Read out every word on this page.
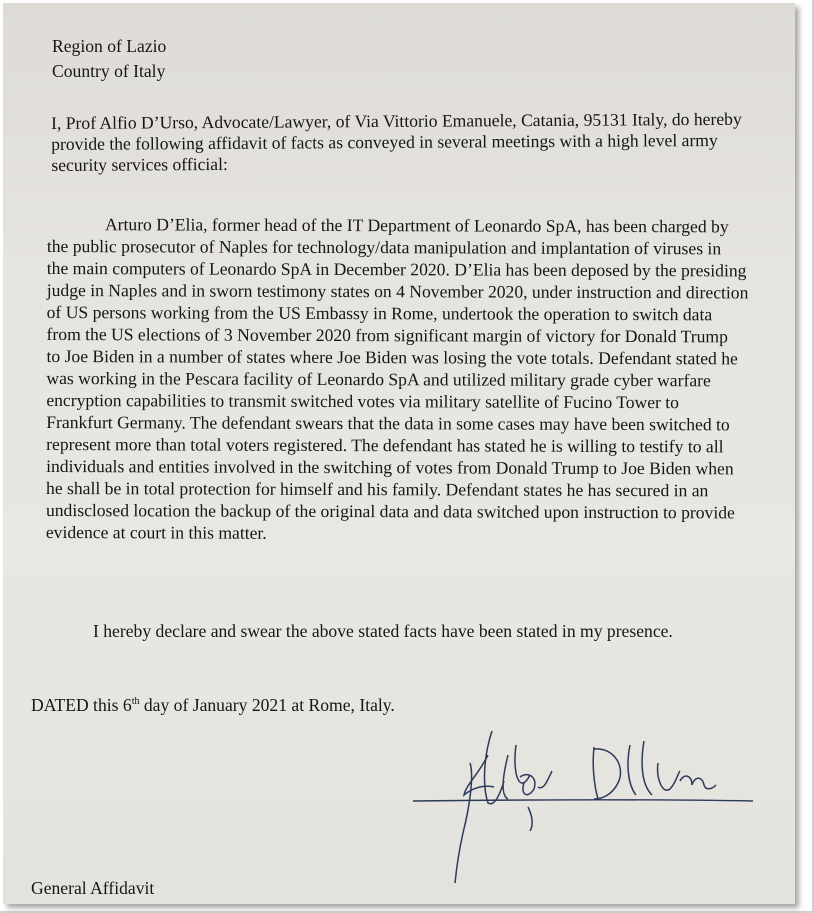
Region of Lazio
Country of Italy
I, Prof Alfio D’Urso, Advocate/Lawyer, of Via Vittorio Emanuele, Catania, 95131 Italy, do hereby
provide the following affidavit of facts as conveyed in several meetings with a high level army
security services official:
Arturo D’Elia, former head of the IT Department of Leonardo SpA, has been charged by
the public prosecutor of Naples for technology/data manipulation and implantation of viruses in
the main computers of Leonardo SpA in December 2020. D’Elia has been deposed by the presiding
judge in Naples and in sworn testimony states on 4 November 2020, under instruction and direction
of US persons working from the US Embassy in Rome, undertook the operation to switch data
from the US elections of 3 November 2020 from significant margin of victory for Donald Trump
to Joe Biden in a number of states where Joe Biden was losing the vote totals. Defendant stated he
was working in the Pescara facility of Leonardo SpA and utilized military grade cyber warfare
encryption capabilities to transmit switched votes via military satellite of Fucino Tower to
Frankfurt Germany. The defendant swears that the data in some cases may have been switched to
represent more than total voters registered. The defendant has stated he is willing to testify to all
individuals and entities involved in the switching of votes from Donald Trump to Joe Biden when
he shall be in total protection for himself and his family. Defendant states he has secured in an
undisclosed location the backup of the original data and data switched upon instruction to provide
evidence at court in this matter.
I hereby declare and swear the above stated facts have been stated in my presence.
DATED this 6th day of January 2021 at Rome, Italy.
General Affidavit
